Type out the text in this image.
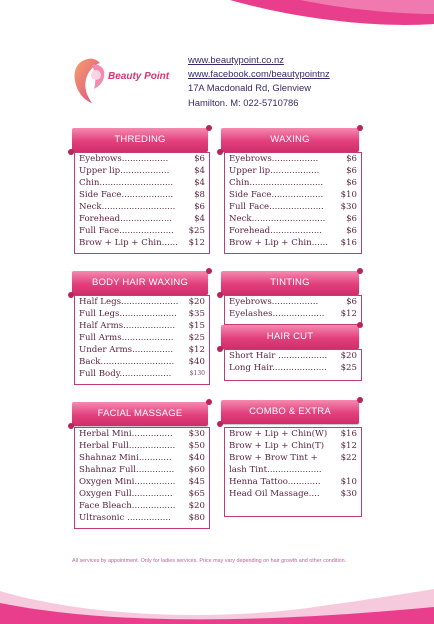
Beauty Point
www.beautypoint.co.nz
www.facebook.com/beautypointnz
17A Macdonald Rd, Glenview
Hamilton. M: 022-5710786
THREDING
Eyebrows.................	$6
Upper lip..................	$4
Chin........................... $4
Side Face................... $8
Neck........................... $6
Forehead...................	$4
Full Face.................... $25
Brow + Lip + Chin...... $12
WAXING
Eyebrows.................	$6
Upper lip..................	$6
Chin...........................	$6
Side Face................... $10
Full Face.................... $30
Neck........................... $6
Forehead...................	$6
Brow + Lip + Chin...... $16
BODY HAIR WAXING
Half Legs..................... $20
Full Legs..................... $35
Half Arms................... $15
Full Arms................... $25
Under Arms............... $12
Back........................... $40
Full Body...................	$130
TINTING
Eyebrows.................	$6
Eyelashes................... $12
HAIR CUT
Short Hair .................. $20
Long Hair.................... $25
FACIAL MASSAGE
Herbal Mini............... $30
Herbal Full................. $50
Shahnaz Mini............ $40
Shahnaz Full.............. $60
Oxygen Mini............... $45
Oxygen Full............... $65
Face Bleach................ $20
Ultrasonic ................ $80
COMBO & EXTRA
Brow + Lip + Chin(W) $16
Brow + Lip + Chin(T) $12
Brow + Brow Tint +	$22
lash Tint....................
Henna Tattoo............ $10
Head Oil Massage.... $30
All services by appointment. Only for ladies services. Price may vary depending on hair growth and other condition.
